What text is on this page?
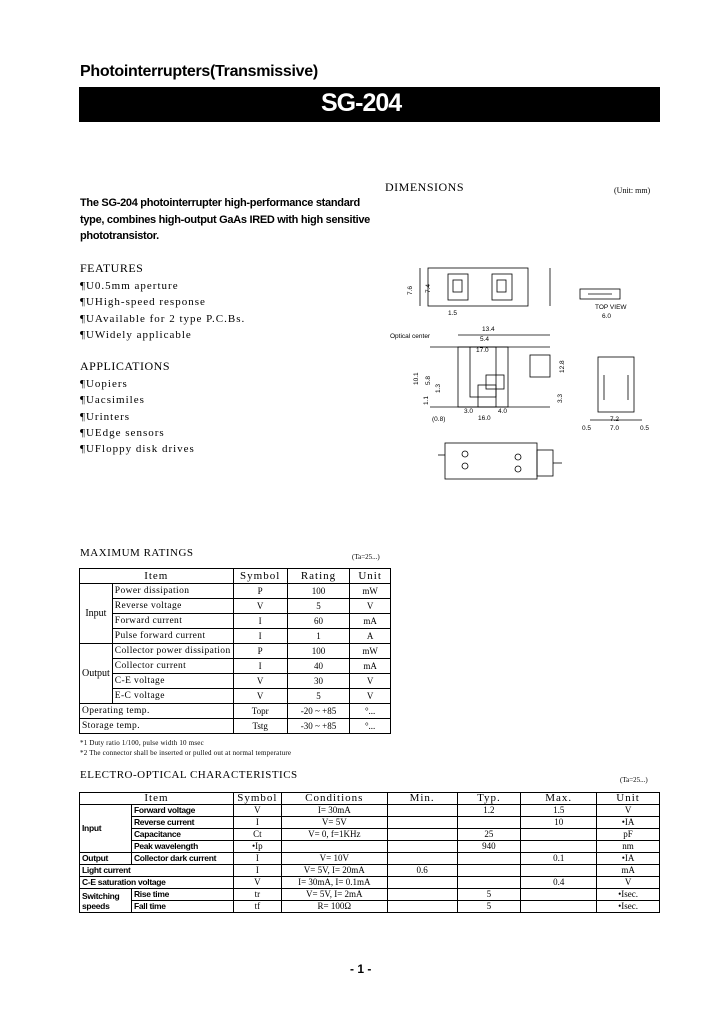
Photointerrupters(Transmissive)
SG-204
The SG-204 photointerrupter high-performance standard type, combines high-output GaAs IRED with high sensitive phototransistor.
FEATURES
¶U0.5mm aperture
¶UHigh-speed response
¶UAvailable for 2 type P.C.Bs.
¶UWidely applicable
APPLICATIONS
¶Uopiers
¶Uacsimiles
¶Urinters
¶UEdge sensors
¶UFloppy disk drives
DIMENSIONS	(Unit: mm)
7.6 7.4
TOP VIEW
6.0
Optical center
13.4
5.4
17.0
12.8
10.1 5.8
1.3
1.5
1.1
3.0	4.0
16.0
(0.8)
3.3
7.2
7.0
0.5	0.5
MAXIMUM RATINGS	(Ta=25...)
Item		Symbol	Rating	Unit
Input	Power dissipation	P	100	mW
	Reverse voltage	V	5	V
	Forward current	I	60	mA
	Pulse forward current	I	1	A
Output	Collector power dissipation	P	100	mW
	Collector current	I	40	mA
	C-E voltage	V	30	V
	E-C voltage	V	5	V
Operating temp.		Topr	-20 ~ +85	°...
Storage temp.		Tstg	-30 ~ +85	°...
*1 Duty ratio 1/100, pulse width 10 msec
*2 The connector shall be inserted or pulled out at normal temperature
ELECTRO-OPTICAL CHARACTERISTICS	(Ta=25...)
Item		Symbol	Conditions	Min.	Typ.	Max.	Unit
Input	Forward voltage	V	I= 30mA		1.2	1.5	V
	Reverse current	I	V= 5V			10	•IA
	Capacitance	Ct	V= 0, f=1KHz		25		pF
	Peak wavelength	•Ip			940		nm
Output	Collector dark current	I	V= 10V			0.1	•IA
Light current		I	V= 5V, I= 20mA	0.6			mA
C-E saturation voltage		V	I= 30mA, I= 0.1mA			0.4	V
Switching speeds	Rise time	tr	V= 5V, I= 2mA		5		•Isec.
	Fall time	tf	R= 100Ω		5		•Isec.
- 1 -
